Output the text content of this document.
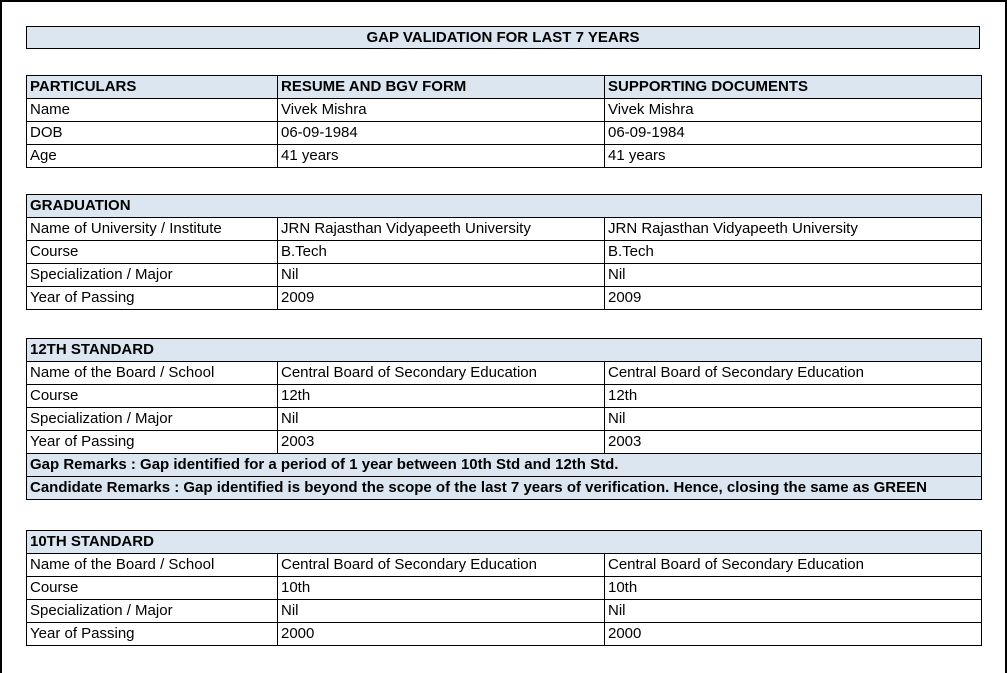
GAP VALIDATION FOR LAST 7 YEARS
PARTICULARS	RESUME AND BGV FORM	SUPPORTING DOCUMENTS
Name	Vivek Mishra	Vivek Mishra
DOB	06-09-1984	06-09-1984
Age	41 years	41 years
GRADUATION		
Name of University / Institute	JRN Rajasthan Vidyapeeth University	JRN Rajasthan Vidyapeeth University
Course	B.Tech	B.Tech
Specialization / Major	Nil	Nil
Year of Passing	2009	2009
12TH STANDARD		
Name of the Board / School	Central Board of Secondary Education	Central Board of Secondary Education
Course	12th	12th
Specialization / Major	Nil	Nil
Year of Passing	2003	2003
Gap Remarks : Gap identified for a period of 1 year between 10th Std and 12th Std.		
Candidate Remarks : Gap identified is beyond the scope of the last 7 years of verification. Hence, closing the same as GREEN		
10TH STANDARD		
Name of the Board / School	Central Board of Secondary Education	Central Board of Secondary Education
Course	10th	10th
Specialization / Major	Nil	Nil
Year of Passing	2000	2000
